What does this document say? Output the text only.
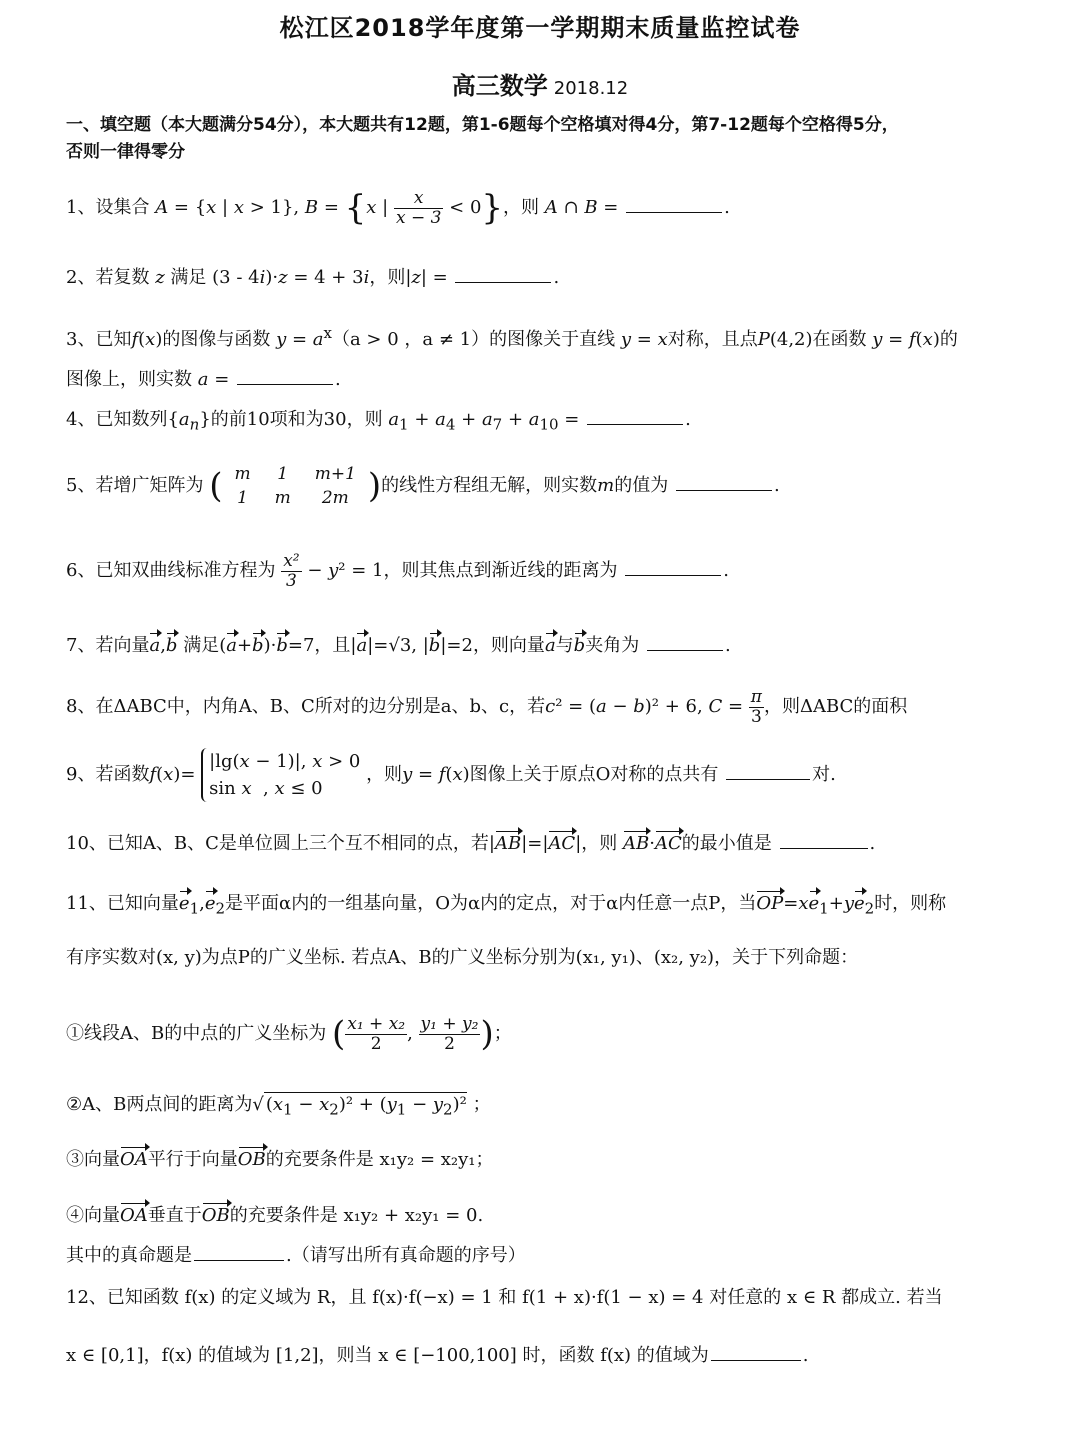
松江区2018学年度第一学期期末质量监控试卷
高三数学 2018.12
一、填空题（本大题满分54分），本大题共有12题，第1-6题每个空格填对得4分，第7-12题每个空格得5分，
否则一律得零分
1、设集合 A = {x | x > 1}, B = {x | $\frac{x}{x - 3} < 0$}，则 A ∩ B =	.
2、若复数 z 满足 (3 - 4i)·z = 4 + 3i，则|z| =	.
3、已知f(x)的图像与函数 $y = a^x(a > 0$ ，a ≠ 1）的图像关于直线 y = x对称，且点P(4,2)在函数 y = f(x)的
图像上，则实数 a =	.
4、已知数列$\{a_n\}$的前10项和为30，则 $a_1 + a_4 + a_7 + a_{10}$ =	.
5、若增广矩阵为 ( m	1	m+1
1	m	2m )的线性方程组无解，则实数m的值为	.
6、已知双曲线标准方程为 $\frac{\text{x²}}{3} - y^2 = 1$，则其焦点到渐近线的距离为	.
7、若向量a,b 满足(a+b)·b=7，且|a|=√3, |b|=2，则向量a与b夹角为	.
8、在ΔABC中，内角A、B、C所对的边分别是a、b、c，若c² = (a − b)² + 6, $C = \frac{\pi}{3}$ ，则ΔABC的面积
9、若函数f(x)=
|lg(x − 1)|, x > 0
sin x  , x ≤ 0
，则y = f(x)图像上关于原点O对称的点共有	对.
10、已知A、B、C是单位圆上三个互不相同的点，若|AB|=|AC|，则 AB·AC的最小值是	.
11、已知向量$e_1,e_2$是平面α内的一组基向量，O为α内的定点，对于α内任意一点P，当$OP=xe_1+ye_2$时，则称
有序实数对(x, y)为点P的广义坐标. 若点A、B的广义坐标分别为(x₁, y₁)、(x₂, y₂)，关于下列命题：
①线段A、B的中点的广义坐标为 ( $\frac{\text{x₁ + x₂}}{2}$ , $\frac{\text{y₁ + y₂}}{2}$ )；
②A、B两点间的距离为√ $(x_1 - x_2)^2 + (y_1 - y_2)^2$ ；
③向量OA平行于向量OB的充要条件是 x₁y₂ = x₂y₁；
④向量OA垂直于OB的充要条件是 x₁y₂ + x₂y₁ = 0.
其中的真命题是	.（请写出所有真命题的序号）
12、已知函数 f(x) 的定义域为 R，且 f(x)·f(−x) = 1 和 f(1 + x)·f(1 − x) = 4 对任意的 x ∈ R 都成立. 若当
x ∈ [0,1]，f(x) 的值域为 [1,2]，则当 x ∈ [−100,100] 时，函数 f(x) 的值域为	.
